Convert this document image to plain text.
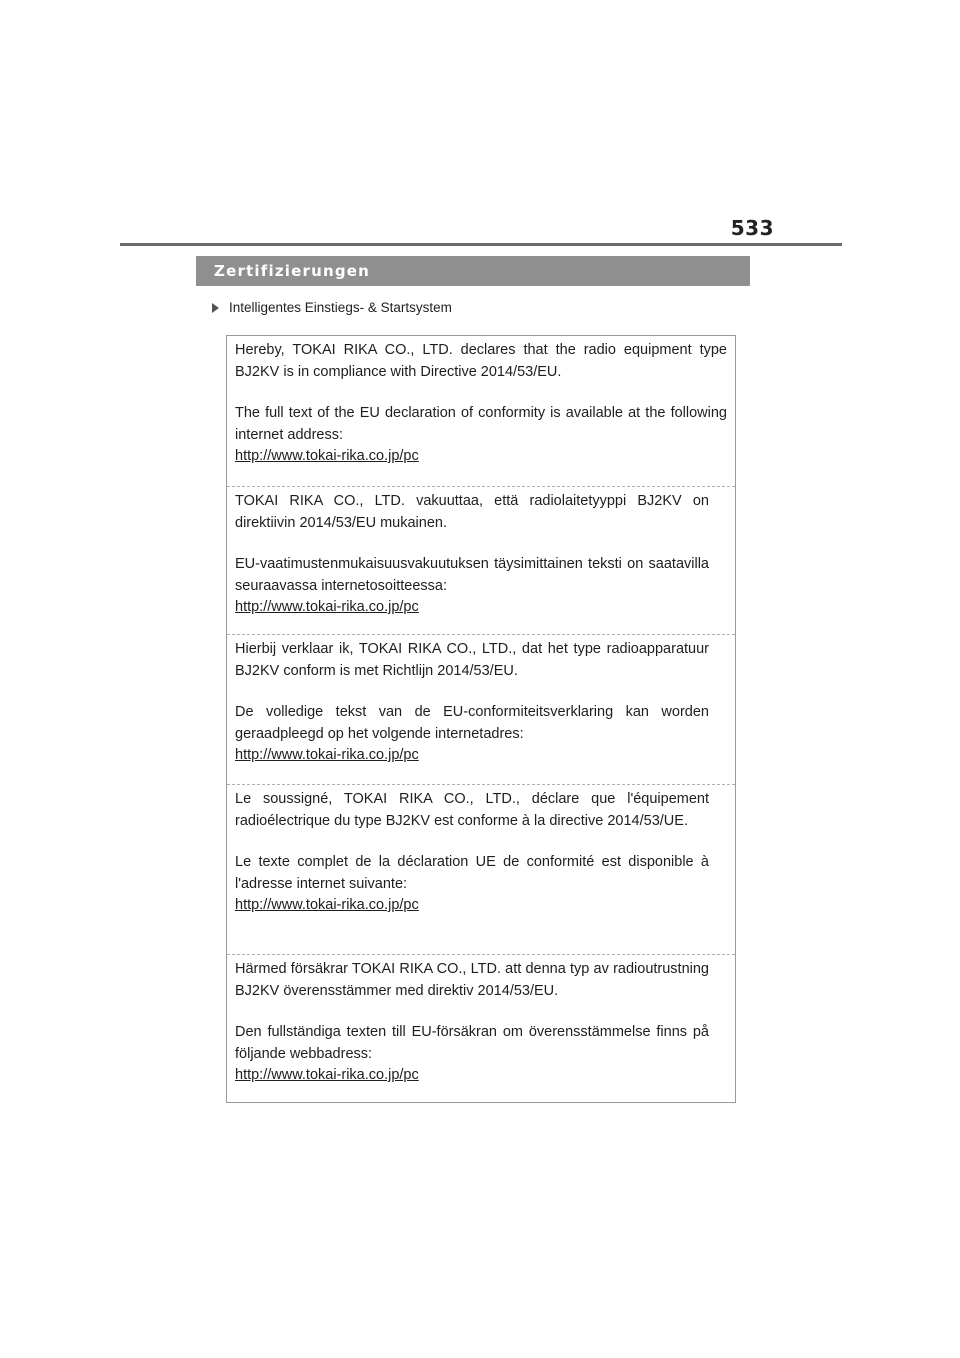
533
Zertifizierungen
Intelligentes Einstiegs- & Startsystem

Hereby, TOKAI RIKA CO., LTD. declares that the radio equipment type BJ2KV is in compliance with Directive 2014/53/EU.

The full text of the EU declaration of conformity is available at the following internet address:

http://www.tokai-rika.co.jp/pc

TOKAI RIKA CO., LTD. vakuuttaa, että radiolaitetyyppi BJ2KV on direktiivin 2014/53/EU mukainen.

EU-vaatimustenmukaisuusvakuutuksen täysimittainen teksti on saatavilla seuraavassa internetosoitteessa:

http://www.tokai-rika.co.jp/pc

Hierbij verklaar ik, TOKAI RIKA CO., LTD., dat het type radioapparatuur BJ2KV conform is met Richtlijn 2014/53/EU.

De volledige tekst van de EU-conformiteitsverklaring kan worden geraadpleegd op het volgende internetadres:

http://www.tokai-rika.co.jp/pc

Le soussigné, TOKAI RIKA CO., LTD., déclare que l'équipement radioélectrique du type BJ2KV est conforme à la directive 2014/53/UE.

Le texte complet de la déclaration UE de conformité est disponible à l'adresse internet suivante:

http://www.tokai-rika.co.jp/pc

Härmed försäkrar TOKAI RIKA CO., LTD. att denna typ av radioutrustning BJ2KV överensstämmer med direktiv 2014/53/EU.

Den fullständiga texten till EU-försäkran om överensstämmelse finns på följande webbadress:

http://www.tokai-rika.co.jp/pc
